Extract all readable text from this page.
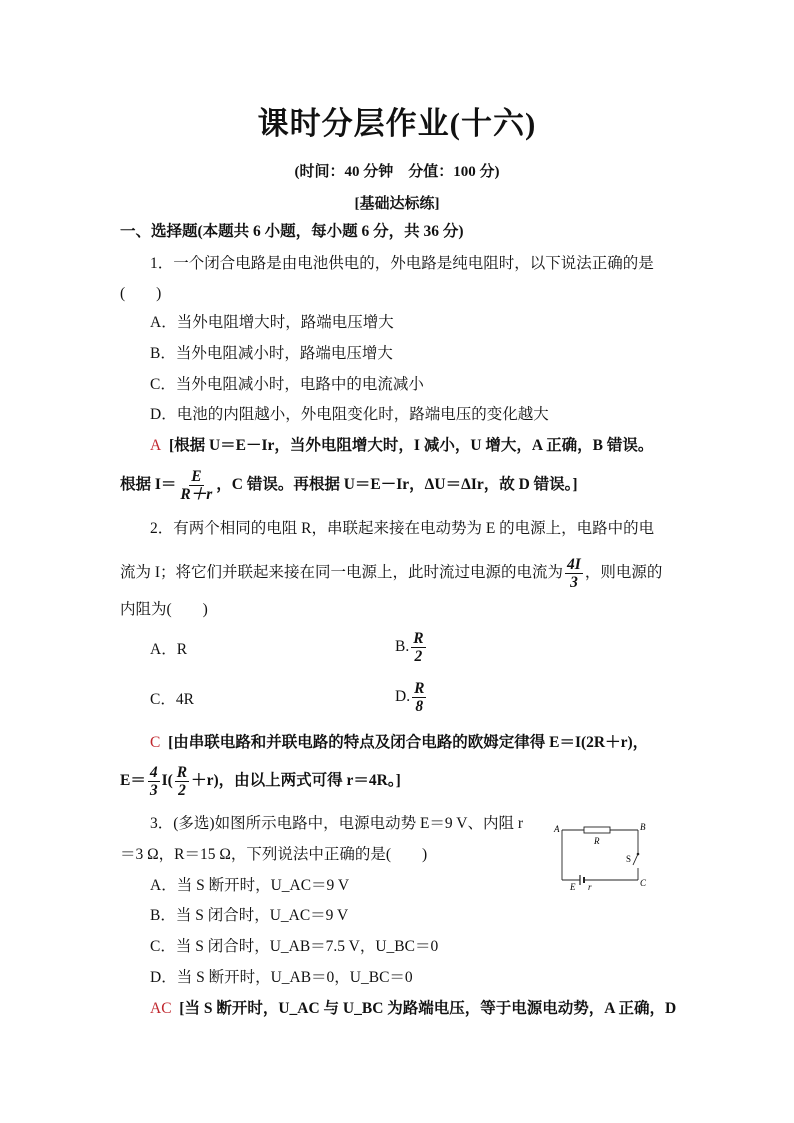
课时分层作业(十六)
(时间：40 分钟　分值：100 分)
[基础达标练]
一、选择题(本题共 6 小题，每小题 6 分，共 36 分)
1．一个闭合电路是由电池供电的，外电路是纯电阻时，以下说法正确的是
(　　)
A．当外电阻增大时，路端电压增大
B．当外电阻减小时，路端电压增大
C．当外电阻减小时，电路中的电流减小
D．电池的内阻越小，外电阻变化时，路端电压的变化越大
A [根据 U＝E－Ir，当外电阻增大时，I 减小，U 增大，A 正确，B 错误。
根据 $I= \frac{E}{R+r}$ ，C 错误。再根据 U＝E－Ir，ΔU＝ΔIr，故 D 错误。]
2．有两个相同的电阻 R，串联起来接在电动势为 E 的电源上，电路中的电
流为 I；将它们并联起来接在同一电源上，此时流过电源的电流为 $\frac{4I}{3}$ ，则电源的
内阻为(　　)
A．R	B. $\frac{R}{2}$
C．4R	D. $\frac{R}{8}$
C [由串联电路和并联电路的特点及闭合电路的欧姆定律得 E＝I(2R＋r)，
$E= \frac{4}{3} I( \frac{R}{2} +r)$，由以上两式可得 r＝4R。]
3．(多选)如图所示电路中，电源电动势 E＝9 V、内阻 r
＝3 Ω，R＝15 Ω，下列说法中正确的是(　　)
A．当 S 断开时，U_AC＝9 V
B．当 S 闭合时，U_AC＝9 V
C．当 S 闭合时，U_AB＝7.5 V，U_BC＝0
D．当 S 断开时，U_AB＝0，U_BC＝0
AC [当 S 断开时，U_AC 与 U_BC 为路端电压，等于电源电动势，A 正确，D
A	B
C
R
S
E r
